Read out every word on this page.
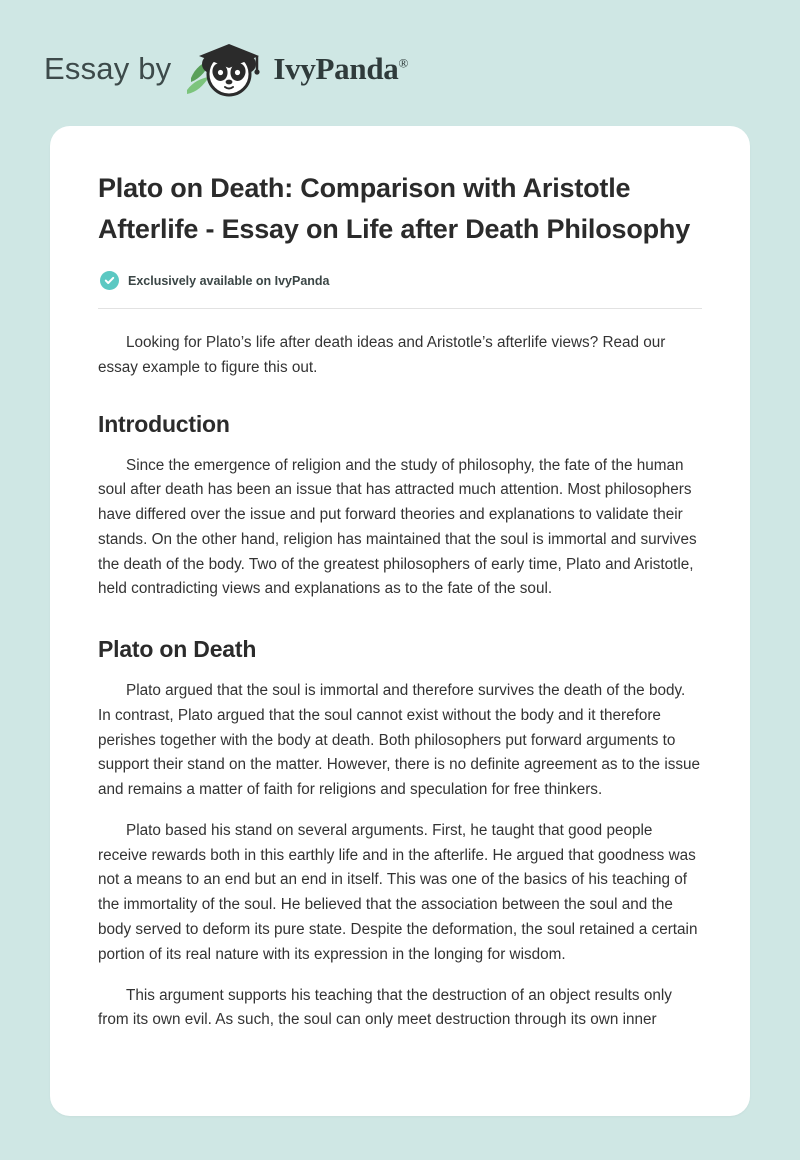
Essay by	IvyPanda®
Plato on Death: Comparison with Aristotle Afterlife - Essay on Life after Death Philosophy
Exclusively available on IvyPanda

Looking for Plato’s life after death ideas and Aristotle’s afterlife views? Read our essay example to figure this out.

Introduction

Since the emergence of religion and the study of philosophy, the fate of the human soul after death has been an issue that has attracted much attention. Most philosophers have differed over the issue and put forward theories and explanations to validate their stands. On the other hand, religion has maintained that the soul is immortal and survives the death of the body. Two of the greatest philosophers of early time, Plato and Aristotle, held contradicting views and explanations as to the fate of the soul.

Plato on Death

Plato argued that the soul is immortal and therefore survives the death of the body. In contrast, Plato argued that the soul cannot exist without the body and it therefore perishes together with the body at death. Both philosophers put forward arguments to support their stand on the matter. However, there is no definite agreement as to the issue and remains a matter of faith for religions and speculation for free thinkers.

Plato based his stand on several arguments. First, he taught that good people receive rewards both in this earthly life and in the afterlife. He argued that goodness was not a means to an end but an end in itself. This was one of the basics of his teaching of the immortality of the soul. He believed that the association between the soul and the body served to deform its pure state. Despite the deformation, the soul retained a certain portion of its real nature with its expression in the longing for wisdom.

This argument supports his teaching that the destruction of an object results only from its own evil. As such, the soul can only meet destruction through its own inner
